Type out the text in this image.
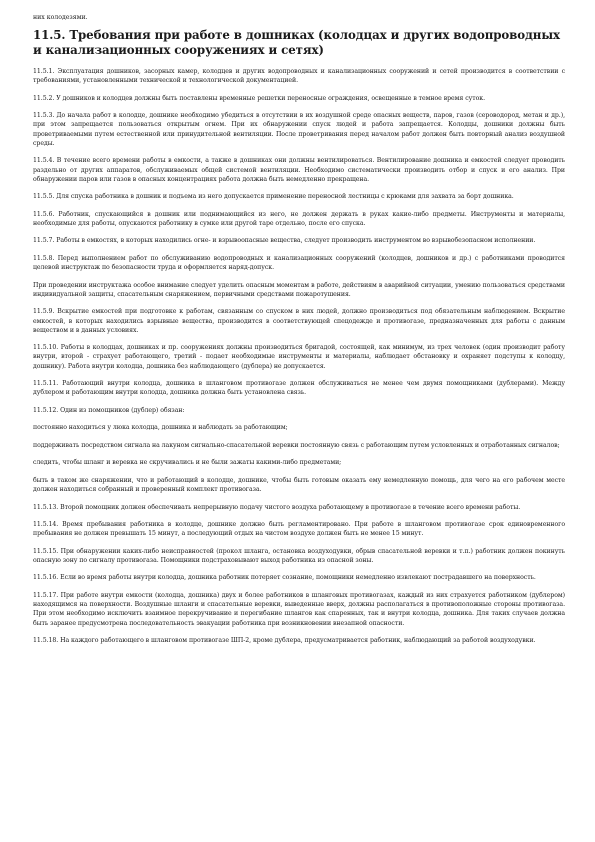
них колодезями.
11.5. Требования при работе в дошниках (колодцах и других водопроводных и канализационных сооружениях и сетях)

11.5.1. Эксплуатация дошников, засорных камер, колодцев и других водопроводных и канализационных сооружений и сетей производится в соответствии с требованиями, установленными технической и технологической документацией.

11.5.2. У дошников и колодцев должны быть поставлены временные решетки переносные ограждения, освещенные в темное время суток.

11.5.3. До начала работ в колодце, дошнике необходимо убедиться в отсутствии в их воздушной среде опасных веществ, паров, газов (сероводород, метан и др.), при этом запрещается пользоваться открытым огнем. При их обнаружении спуск людей и работа запрещается. Колодцы, дошники должны быть проветриваемыми путем естественной или принудительной вентиляции. После проветривания перед началом работ должен быть повторный анализ воздушной среды.

11.5.4. В течение всего времени работы в емкости, а также в дошниках они должны вентилироваться. Вентилирование дошника и емкостей следует проводить раздельно от других аппаратов, обслуживаемых общей системой вентиляции. Необходимо систематически производить отбор и спуск и его анализ. При обнаружении паров или газов в опасных концентрациях работа должна быть немедленно прекращена.

11.5.5. Для спуска работника в дошник и подъема из него допускается применение переносной лестницы с крюками для захвата за борт дошника.

11.5.6. Работник, спускающийся в дошник или поднимающийся из него, не должен держать в руках какие-либо предметы. Инструменты и материалы, необходимые для работы, опускаются работнику в сумке или другой таре отдельно, после его спуска.

11.5.7. Работы в емкостях, в которых находились огне- и взрывоопасные вещества, следует производить инструментом во взрывобезопасном исполнении.

11.5.8. Перед выполнением работ по обслуживанию водопроводных и канализационных сооружений (колодцев, дошников и др.) с работниками проводится целевой инструктаж по безопасности труда и оформляется наряд-допуск.

При проведении инструктажа особое внимание следует уделить опасным моментам в работе, действиям в аварийной ситуации, умению пользоваться средствами индивидуальной защиты, спасательным снаряжением, первичными средствами пожаротушения.

11.5.9. Вскрытие емкостей при подготовке к работам, связанным со спуском в них людей, должно производиться под обязательным наблюдением. Вскрытие емкостей, в которых находились взрывные вещества, производится в соответствующей спецодежде и противогазе, предназначенных для работы с данным веществом и в данных условиях.

11.5.10. Работы в колодцах, дошниках и пр. сооружениях должны производиться бригадой, состоящей, как минимум, из трех человек (один производит работу внутри, второй - страхует работающего, третий - подает необходимые инструменты и материалы, наблюдает обстановку и охраняет подступы к колодцу, дошнику). Работа внутри колодца, дошника без наблюдающего (дублера) не допускается.

11.5.11. Работающий внутри колодца, дошника в шланговом противогазе должен обслуживаться не менее чем двумя помощниками (дублерами). Между дублером и работающим внутри колодца, дошника должна быть установлена связь.

11.5.12. Один из помощников (дублер) обязан:

постоянно находиться у люка колодца, дошника и наблюдать за работающим;

поддерживать посредством сигнала на лакуном сигнально-спасательной веревки постоянную связь с работающим путем условленных и отработанных сигналов;

следить, чтобы шланг и веревка не скручивались и не были зажаты какими-либо предметами;

быть в таком же снаряжении, что и работающий в колодце, дошнике, чтобы быть готовым оказать ему немедленную помощь, для чего на его рабочем месте должен находиться собранный и проверенный комплект противогаза.

11.5.13. Второй помощник должен обеспечивать непрерывную подачу чистого воздуха работающему в противогазе в течение всего времени работы.

11.5.14. Время пребывания работника в колодце, дошнике должно быть регламентировано. При работе в шланговом противогазе срок единовременного пребывания не должен превышать 15 минут, а последующий отдых на чистом воздухе должен быть не менее 15 минут.

11.5.15. При обнаружении каких-либо неисправностей (прокол шланга, остановка воздуходувки, обрыв спасательной веревки и т.п.) работник должен покинуть опасную зону по сигналу противогаза. Помощники подстраховывают выход работника из опасной зоны.

11.5.16. Если во время работы внутри колодца, дошника работник потеряет сознание, помощники немедленно извлекают пострадавшего на поверхность.

11.5.17. При работе внутри емкости (колодца, дошника) двух и более работников в шланговых противогазах, каждый из них страхуется работником (дублером) находящимся на поверхности. Воздушные шланги и спасательные веревки, выведенные вверх, должны располагаться в противоположные стороны противогаза. При этом необходимо исключить взаимное перекручивание и перегибание шлангов как спаренных, так и внутри колодца, дошника. Для таких случаев должна быть заранее предусмотрена последовательность эвакуации работника при возникновении внезапной опасности.

11.5.18. На каждого работающего в шланговом противогазе ШП-2, кроме дублера, предусматривается работник, наблюдающий за работой воздуходувки.
